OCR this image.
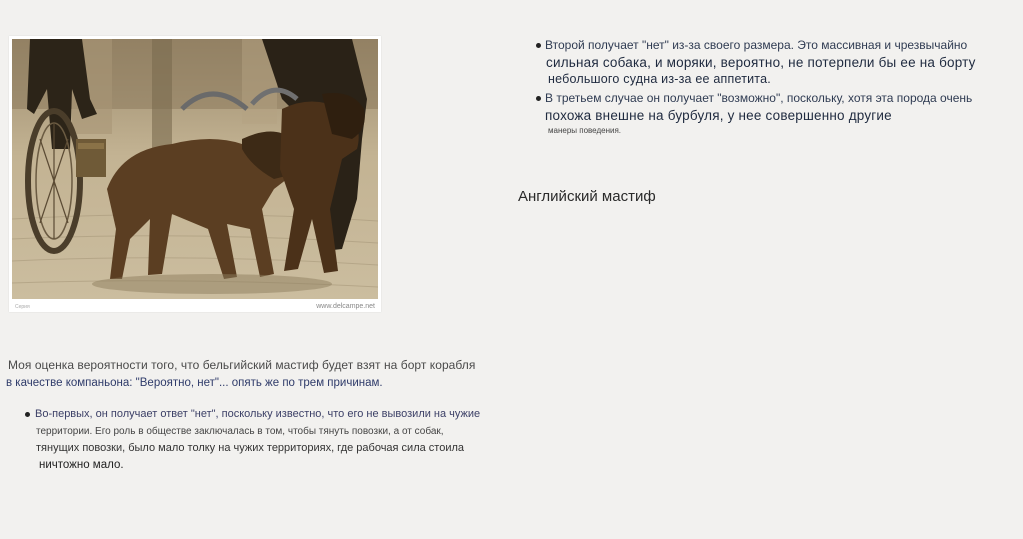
Серия	www.delcampe.net
Второй получает "нет" из-за своего размера. Это массивная и чрезвычайно
сильная собака, и моряки, вероятно, не потерпели бы ее на борту
небольшого судна из-за ее аппетита.
В третьем случае он получает "возможно", поскольку, хотя эта порода очень
похожа внешне на бурбуля, у нее совершенно другие
манеры поведения.
Английский мастиф
Моя оценка вероятности того, что бельгийский мастиф будет взят на борт корабля
в качестве компаньона: "Вероятно, нет"... опять же по трем причинам.
Во-первых, он получает ответ "нет", поскольку известно, что его не вывозили на чужие
территории. Его роль в обществе заключалась в том, чтобы тянуть повозки, а от собак,
тянущих повозки, было мало толку на чужих территориях, где рабочая сила стоила
ничтожно мало.
